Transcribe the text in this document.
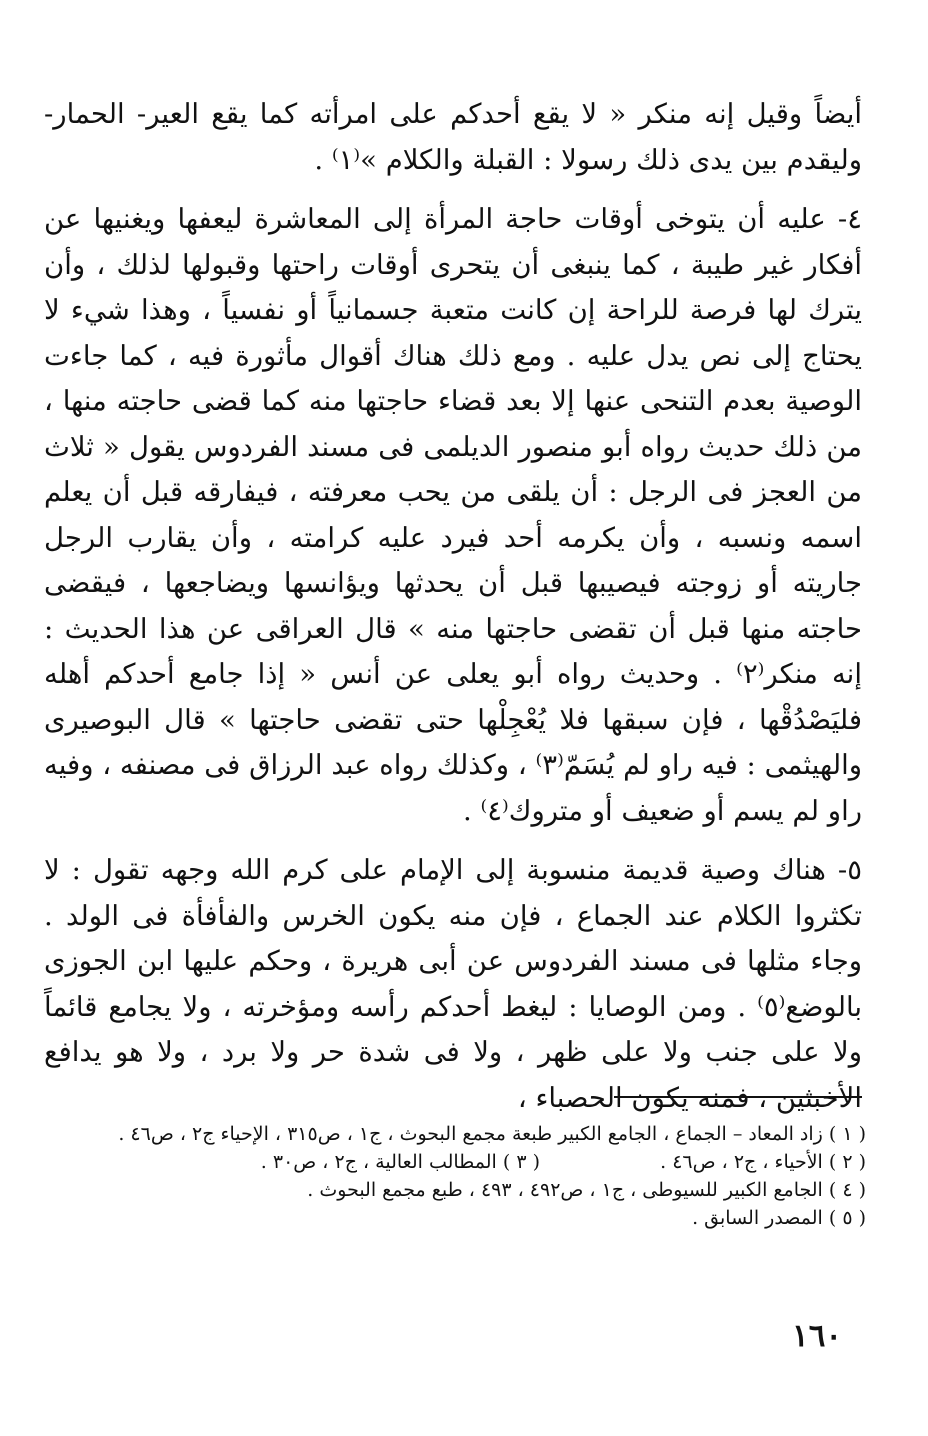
أيضاً وقيل إنه منكر « لا يقع أحدكم على امرأته كما يقع العير- الحمار- وليقدم بين يدى ذلك رسولا : القبلة والكلام »⁽١⁾ .

٤- عليه أن يتوخى أوقات حاجة المرأة إلى المعاشرة ليعفها ويغنيها عن أفكار غير طيبة ، كما ينبغى أن يتحرى أوقات راحتها وقبولها لذلك ، وأن يترك لها فرصة للراحة إن كانت متعبة جسمانياً أو نفسياً ، وهذا شيء لا يحتاج إلى نص يدل عليه . ومع ذلك هناك أقوال مأثورة فيه ، كما جاءت الوصية بعدم التنحى عنها إلا بعد قضاء حاجتها منه كما قضى حاجته منها ، من ذلك حديث رواه أبو منصور الديلمى فى مسند الفردوس يقول « ثلاث من العجز فى الرجل : أن يلقى من يحب معرفته ، فيفارقه قبل أن يعلم اسمه ونسبه ، وأن يكرمه أحد فيرد عليه كرامته ، وأن يقارب الرجل جاريته أو زوجته فيصيبها قبل أن يحدثها ويؤانسها ويضاجعها ، فيقضى حاجته منها قبل أن تقضى حاجتها منه » قال العراقى عن هذا الحديث : إنه منكر⁽٢⁾ . وحديث رواه أبو يعلى عن أنس « إذا جامع أحدكم أهله فليَصْدُقْها ، فإن سبقها فلا يُعْجِلْها حتى تقضى حاجتها » قال البوصيرى والهيثمى : فيه راو لم يُسَمّ⁽٣⁾ ، وكذلك رواه عبد الرزاق فى مصنفه ، وفيه راو لم يسم أو ضعيف أو متروك⁽٤⁾ .

٥- هناك وصية قديمة منسوبة إلى الإمام على كرم الله وجهه تقول : لا تكثروا الكلام عند الجماع ، فإن منه يكون الخرس والفأفأة فى الولد . وجاء مثلها فى مسند الفردوس عن أبى هريرة ، وحكم عليها ابن الجوزى بالوضع⁽٥⁾ . ومن الوصايا : ليغط أحدكم رأسه ومؤخرته ، ولا يجامع قائماً ولا على جنب ولا على ظهر ، ولا فى شدة حر ولا برد ، ولا هو يدافع الأخبثين ، فمنه يكون الحصباء ،

( ١ ) زاد المعاد – الجماع ، الجامع الكبير طبعة مجمع البحوث ، ج١ ، ص٣١٥ ، الإحياء ج٢ ، ص٤٦ .

( ٢ ) الأحياء ، ج٢ ، ص٤٦ .
( ٣ ) المطالب العالية ، ج٢ ، ص٣٠ .

( ٤ ) الجامع الكبير للسيوطى ، ج١ ، ص٤٩٢ ، ٤٩٣ ، طبع مجمع البحوث .

( ٥ ) المصدر السابق .

١٦٠
